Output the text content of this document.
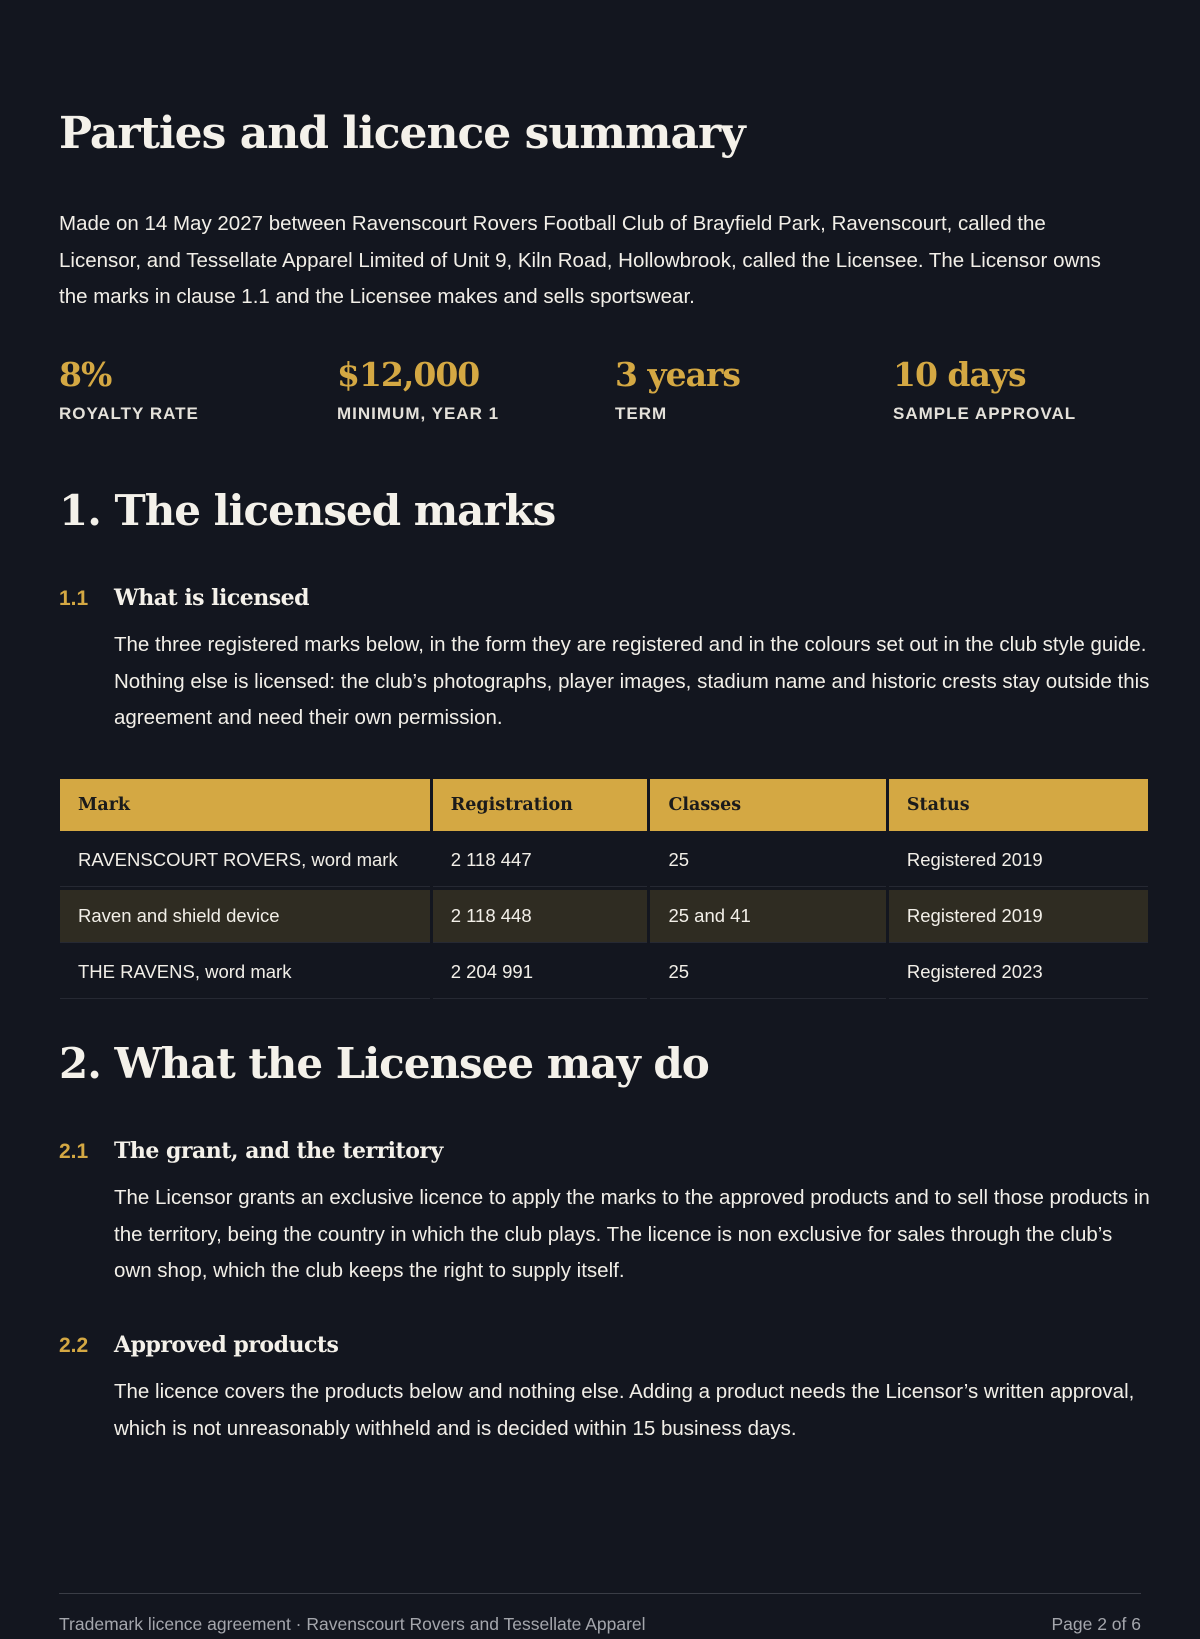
Parties and licence summary

Made on 14 May 2027 between Ravenscourt Rovers Football Club of Brayfield Park, Ravenscourt, called the Licensor, and Tessellate Apparel Limited of Unit 9, Kiln Road, Hollowbrook, called the Licensee. The Licensor owns the marks in clause 1.1 and the Licensee makes and sells sportswear.

8%
ROYALTY RATE
$12,000
MINIMUM, YEAR 1
3 years
TERM
10 days
SAMPLE APPROVAL
1. The licensed marks
1.1 What is licensed

The three registered marks below, in the form they are registered and in the colours set out in the club style guide. Nothing else is licensed: the club’s photographs, player images, stadium name and historic crests stay outside this agreement and need their own permission.

Mark	Registration	Classes	Status
RAVENSCOURT ROVERS, word mark	2 118 447	25	Registered 2019
Raven and shield device	2 118 448	25 and 41	Registered 2019
THE RAVENS, word mark	2 204 991	25	Registered 2023
2. What the Licensee may do
2.1 The grant, and the territory

The Licensor grants an exclusive licence to apply the marks to the approved products and to sell those products in the territory, being the country in which the club plays. The licence is non exclusive for sales through the club’s own shop, which the club keeps the right to supply itself.

2.2 Approved products

The licence covers the products below and nothing else. Adding a product needs the Licensor’s written approval, which is not unreasonably withheld and is decided within 15 business days.

Trademark licence agreement · Ravenscourt Rovers and Tessellate Apparel	Page 2 of 6
